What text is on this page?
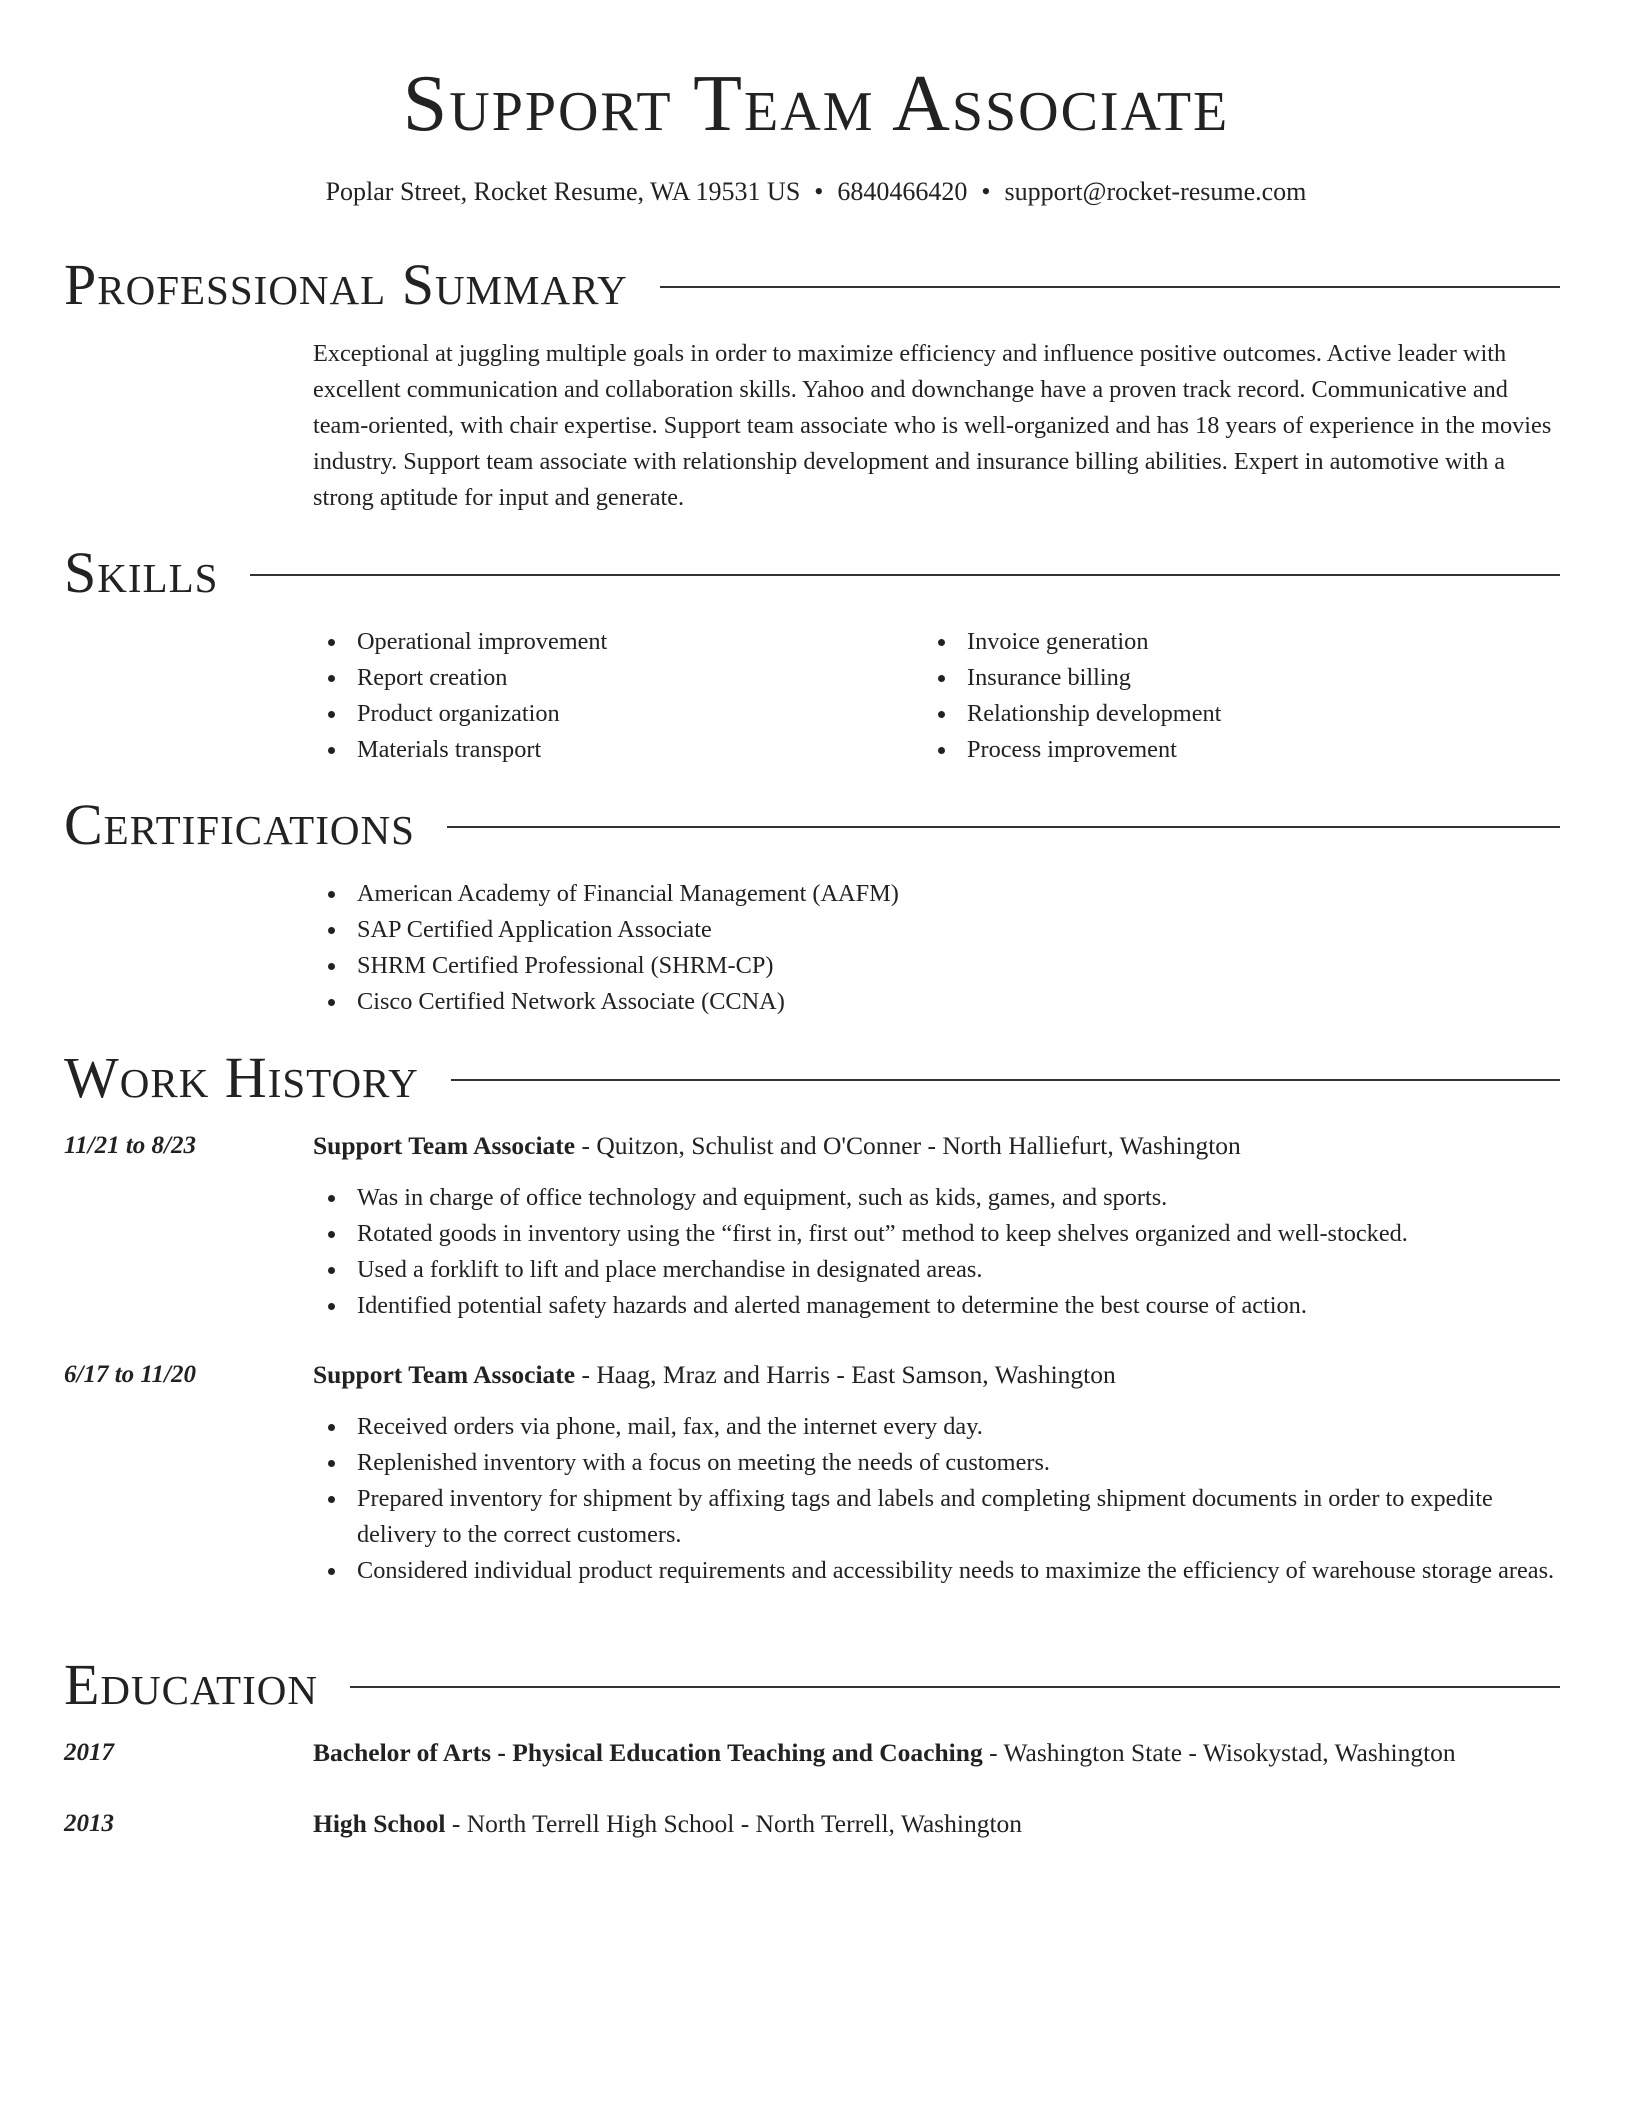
Support Team Associate
Poplar Street, Rocket Resume, WA 19531 US • 6840466420 • support@rocket-resume.com
Professional Summary

Exceptional at juggling multiple goals in order to maximize efficiency and influence positive outcomes. Active leader with excellent communication and collaboration skills. Yahoo and downchange have a proven track record. Communicative and team-oriented, with chair expertise. Support team associate who is well-organized and has 18 years of experience in the movies industry. Support team associate with relationship development and insurance billing abilities. Expert in automotive with a strong aptitude for input and generate.

Skills
Operational improvement
Report creation
Product organization
Materials transport
Invoice generation
Insurance billing
Relationship development
Process improvement
Certifications
American Academy of Financial Management (AAFM)
SAP Certified Application Associate
SHRM Certified Professional (SHRM-CP)
Cisco Certified Network Associate (CCNA)
Work History
11/21 to 8/23	Support Team Associate - Quitzon, Schulist and O'Conner - North Halliefurt, Washington
Was in charge of office technology and equipment, such as kids, games, and sports.
Rotated goods in inventory using the “first in, first out” method to keep shelves organized and well-stocked.
Used a forklift to lift and place merchandise in designated areas.
Identified potential safety hazards and alerted management to determine the best course of action.
6/17 to 11/20	Support Team Associate - Haag, Mraz and Harris - East Samson, Washington
Received orders via phone, mail, fax, and the internet every day.
Replenished inventory with a focus on meeting the needs of customers.
Prepared inventory for shipment by affixing tags and labels and completing shipment documents in order to expedite delivery to the correct customers.
Considered individual product requirements and accessibility needs to maximize the efficiency of warehouse storage areas.
Education
2017	Bachelor of Arts - Physical Education Teaching and Coaching - Washington State - Wisokystad, Washington
2013	High School - North Terrell High School - North Terrell, Washington
